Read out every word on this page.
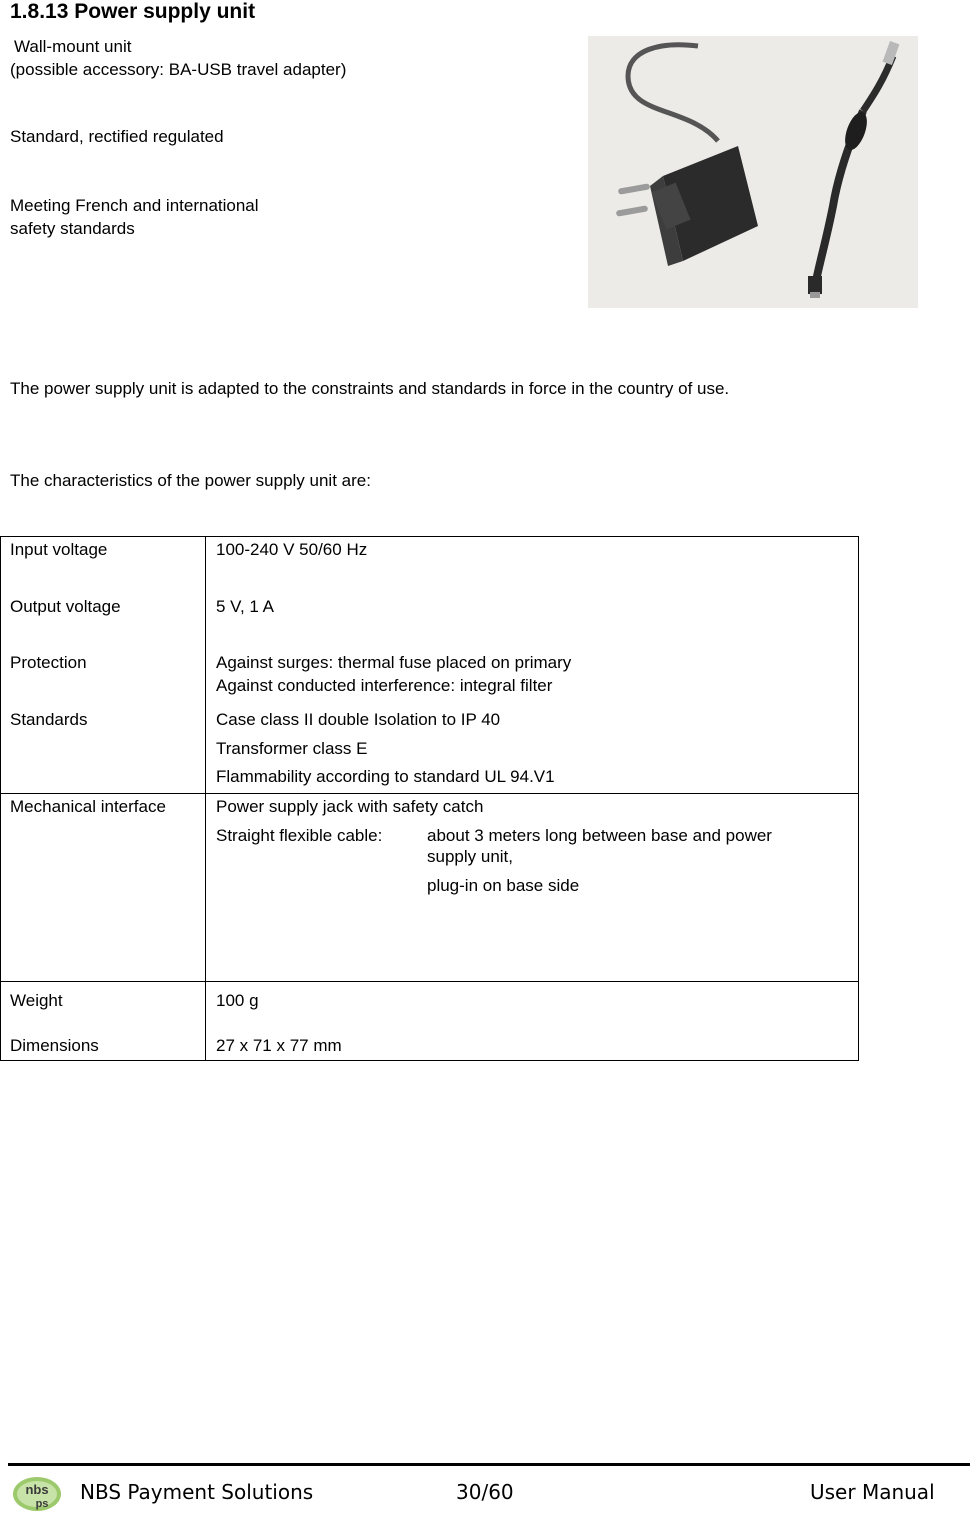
1.8.13 Power supply unit
Wall-mount unit
(possible accessory: BA-USB travel adapter)
Standard, rectified regulated
Meeting French and international
safety standards
The power supply unit is adapted to the constraints and standards in force in the country of use.
The characteristics of the power supply unit are:
Input voltage	100-240 V 50/60 Hz
Output voltage	5 V, 1 A
Protection	Against surges: thermal fuse placed on primary
Against conducted interference: integral filter
Standards	Case class II double Isolation to IP 40
Transformer class E
Flammability according to standard UL 94.V1
Mechanical interface	Power supply jack with safety catch
Straight flexible cable:	about 3 meters long between base and power
supply unit,
plug-in on base side
Weight	100 g
Dimensions	27 x 71 x 77 mm
nbs
ps NBS Payment Solutions	30/60	User Manual
